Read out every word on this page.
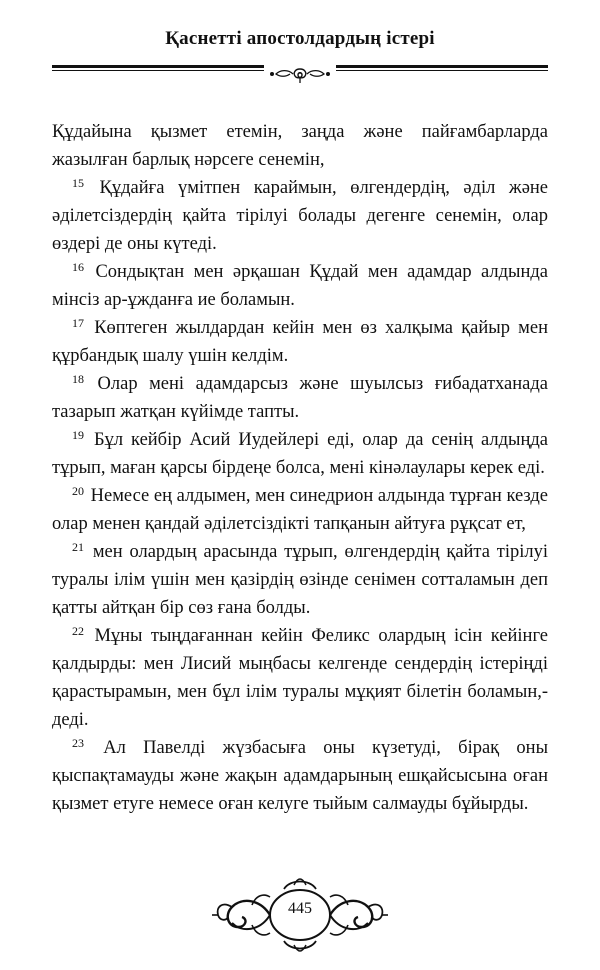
Қаснетті апостолдардың істері

Құдайына қызмет етемін, заңда және пайғамбарларда жазылған барлық нәрсеге сенемін,

$^{15}$ Құдайға үмітпен караймын, өлгендердің, әділ және әділетсіздердің қайта тірілуі болады дегенге сенемін, олар өздері де оны күтеді.

$^{16}$ Сондықтан мен әрқашан Құдай мен адамдар алдында мінсіз ар-ұжданға ие боламын.

$^{17}$ Көптеген жылдардан кейін мен өз халқыма қайыр мен құрбандық шалу үшін келдім.

$^{18}$ Олар мені адамдарсыз және шуылсыз ғибадатханада тазарып жатқан күйімде тапты.

$^{19}$ Бұл кейбір Асий Иудейлері еді, олар да сенің алдыңда тұрып, маған қарсы бірдеңе болса, мені кінәлаулары керек еді.

$^{20}$ Немесе ең алдымен, мен синедрион алдында тұрған кезде олар менен қандай әділетсіздікті тапқанын айтуға рұқсат ет,

$^{21}$ мен олардың арасында тұрып, өлгендердің қайта тірілуі туралы ілім үшін мен қазірдің өзінде сенімен сотталамын деп қатты айтқан бір сөз ғана болды.

$^{22}$ Мұны тыңдағаннан кейін Феликс олардың ісін кейінге қалдырды: мен Лисий мыңбасы келгенде сендердің істеріңді қарастырамын, мен бұл ілім туралы мұқият білетін боламын,- деді.

$^{23}$ Ал Павелді жүзбасыға оны күзетуді, бірақ оны қыспақтамауды және жақын адамдарының ешқайсысына оған қызмет етуге немесе оған келуге тыйым салмауды бұйырды.

445
